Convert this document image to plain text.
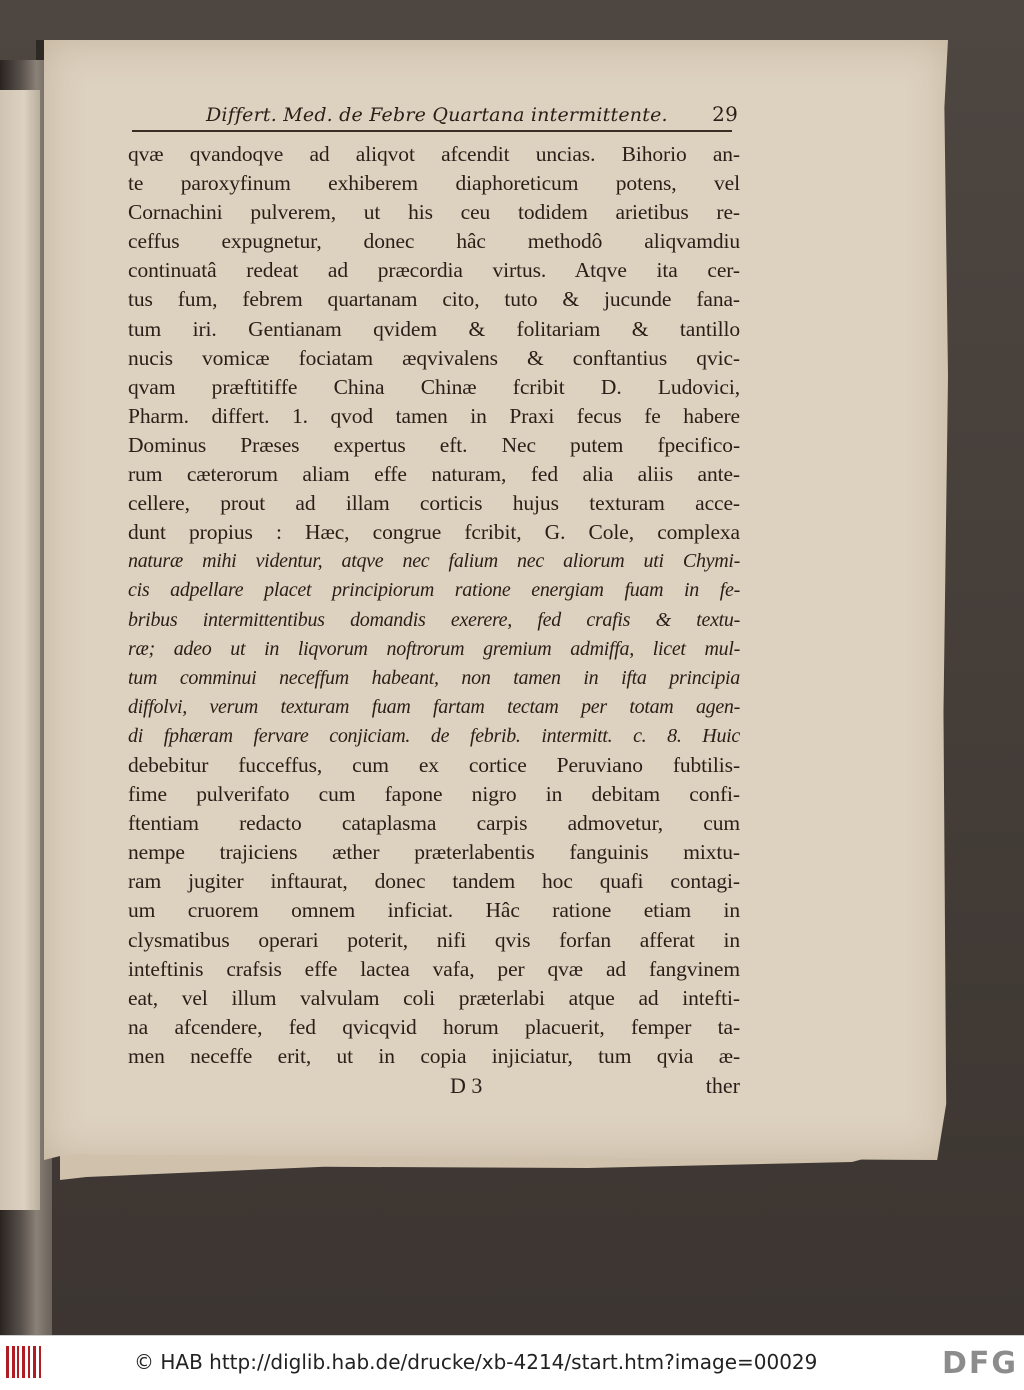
Differt. Med. de Febre Quartana intermittente. 29
qvæ qvandoqve ad aliqvot afcendit uncias. Bihorio an-
te paroxyfinum exhiberem diaphoreticum potens, vel
Cornachini pulverem, ut his ceu todidem arietibus re-
ceffus expugnetur, donec hâc methodô aliqvamdiu
continuatâ redeat ad præcordia virtus. Atqve ita cer-
tus fum, febrem quartanam cito, tuto & jucunde fana-
tum iri. Gentianam qvidem & folitariam & tantillo
nucis vomicæ fociatam æqvivalens & conftantius qvic-
qvam præftitiffe China Chinæ fcribit D. Ludovici,
Pharm. differt. 1. qvod tamen in Praxi fecus fe habere
Dominus Præses expertus eft. Nec putem fpecifico-
rum cæterorum aliam effe naturam, fed alia aliis ante-
cellere, prout ad illam corticis hujus texturam acce-
dunt propius : Hæc, congrue fcribit, G. Cole, complexa
naturæ mihi videntur, atqve nec falium nec aliorum uti Chymi-
cis adpellare placet principiorum ratione energiam fuam in fe-
bribus intermittentibus domandis exerere, fed crafis & textu-
ræ; adeo ut in liqvorum noftrorum gremium admiffa, licet mul-
tum comminui neceffum habeant, non tamen in ifta principia
diffolvi, verum texturam fuam fartam tectam per totam agen-
di fphæram fervare conjiciam. de febrib. intermitt. c. 8. Huic
debebitur fucceffus, cum ex cortice Peruviano fubtilis-
fime pulverifato cum fapone nigro in debitam confi-
ftentiam redacto cataplasma carpis admovetur, cum
nempe trajiciens æther præterlabentis fanguinis mixtu-
ram jugiter inftaurat, donec tandem hoc quafi contagi-
um cruorem omnem inficiat. Hâc ratione etiam in
clysmatibus operari poterit, nifi qvis forfan afferat in
inteftinis crafsis effe lactea vafa, per qvæ ad fangvinem
eat, vel illum valvulam coli præterlabi atque ad intefti-
na afcendere, fed qvicqvid horum placuerit, femper ta-
men neceffe erit, ut in copia injiciatur, tum qvia æ-
D 3	ther
© HAB http://diglib.hab.de/drucke/xb-4214/start.htm?image=00029	DFG
